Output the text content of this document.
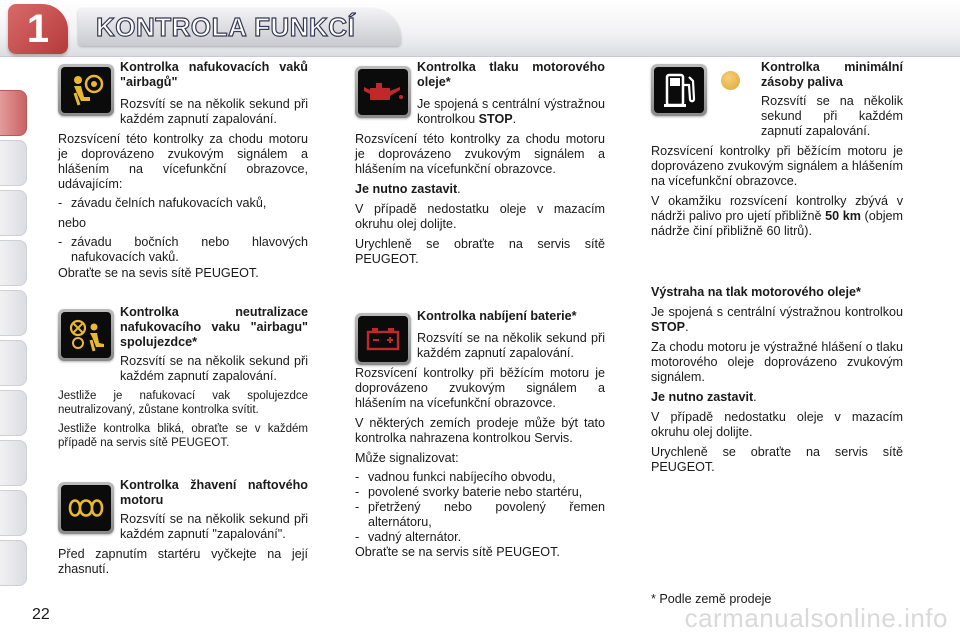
1	KONTROLA FUNKCÍ

Kontrolka nafukovacích vaků "airbagů"

Rozsvítí se na několik sekund při každém zapnutí zapalování.

Rozsvícení této kontrolky za chodu motoru je doprovázeno zvukovým signálem a hlášením na vícefunkční obrazovce, udávajícím:

- závadu čelních nafukovacích vaků,

nebo

- závadu bočních nebo hlavových nafukovacích vaků.

Obraťte se na sevis sítě PEUGEOT.

Kontrolka neutralizace nafukovacího vaku "airbagu" spolujezdce*

Rozsvítí se na několik sekund při každém zapnutí zapalování.

Jestliže je nafukovací vak spolujezdce neutralizovaný, zůstane kontrolka svítit.

Jestliže kontrolka bliká, obraťte se v každém případě na servis sítě PEUGEOT.

Kontrolka žhavení naftového motoru

Rozsvítí se na několik sekund při každém zapnutí "zapalování".

Před zapnutím startéru vyčkejte na její zhasnutí.

Kontrolka tlaku motorového oleje*

Je spojená s centrální výstražnou kontrolkou STOP.

Rozsvícení této kontrolky za chodu motoru je doprovázeno zvukovým signálem a hlášením na vícefunkční obrazovce.

Je nutno zastavit.

V případě nedostatku oleje v mazacím okruhu olej dolijte.

Urychleně se obraťte na servis sítě PEUGEOT.

Kontrolka nabíjení baterie*

Rozsvítí se na několik sekund při každém zapnutí zapalování.

Rozsvícení kontrolky při běžícím motoru je doprovázeno zvukovým signálem a hlášením na vícefunkční obrazovce.

V některých zemích prodeje může být tato kontrolka nahrazena kontrolkou Servis.

Může signalizovat:

- vadnou funkci nabíjecího obvodu,
- povolené svorky baterie nebo startéru,
- přetržený nebo povolený řemen alternátoru,
- vadný alternátor.

Obraťte se na servis sítě PEUGEOT.

Kontrolka minimální zásoby paliva

Rozsvítí se na několik sekund při každém zapnutí zapalování.

Rozsvícení kontrolky při běžícím motoru je doprovázeno zvukovým signálem a hlášením na vícefunkční obrazovce.

V okamžiku rozsvícení kontrolky zbývá v nádrži palivo pro ujetí přibližně 50 km (objem nádrže činí přibližně 60 litrů).

Výstraha na tlak motorového oleje*

Je spojená s centrální výstražnou kontrolkou STOP.

Za chodu motoru je výstražné hlášení o tlaku motorového oleje doprovázeno zvukovým signálem.

Je nutno zastavit.

V případě nedostatku oleje v mazacím okruhu olej dolijte.

Urychleně se obraťte na servis sítě PEUGEOT.

* Podle země prodeje
22	carmanualsonline.info
